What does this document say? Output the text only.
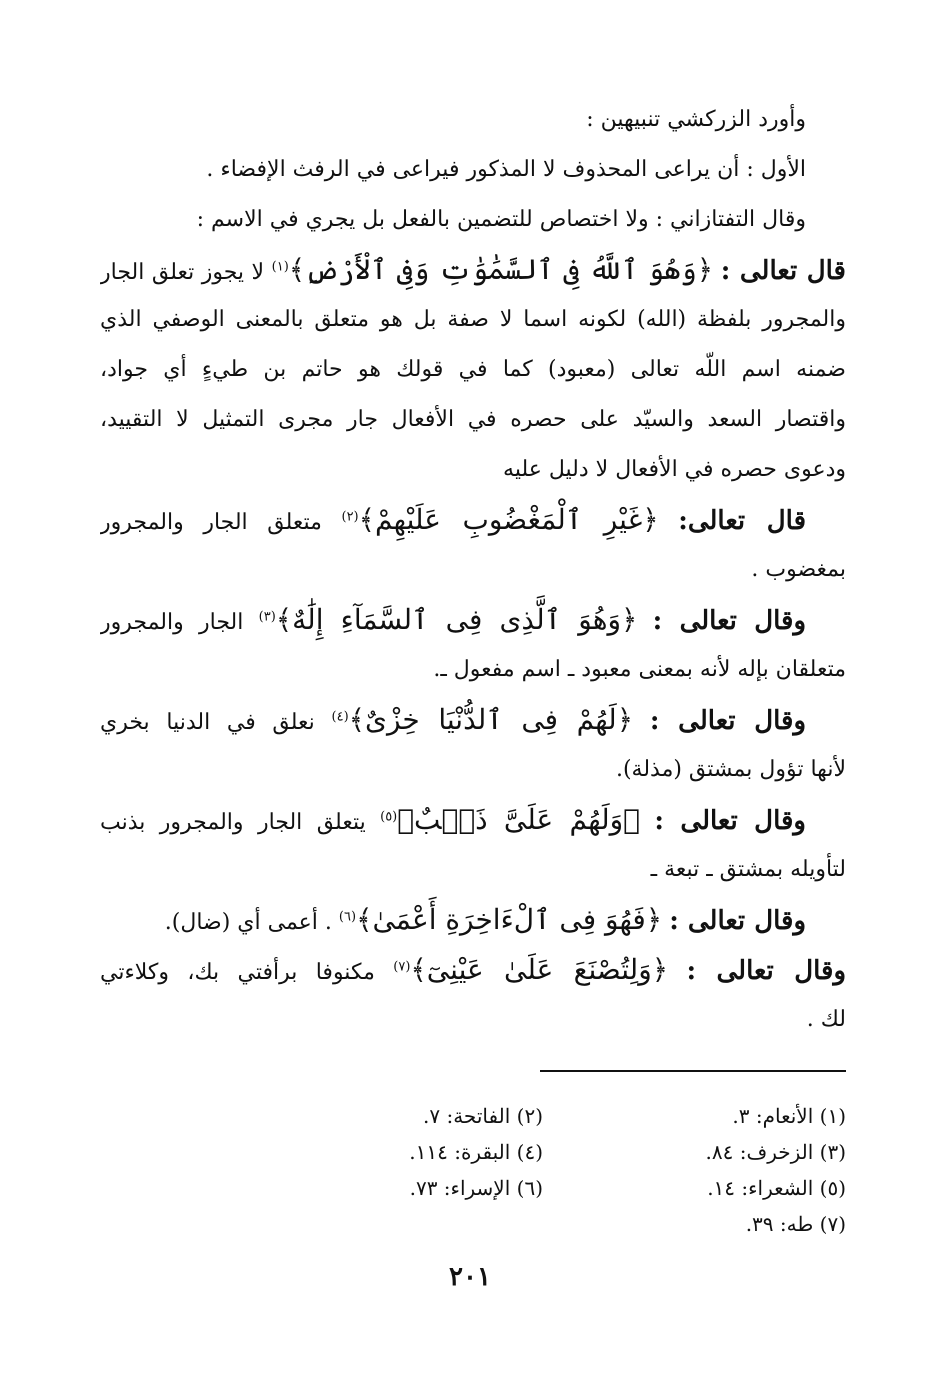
وأورد الزركشي تنبيهين :
الأول : أن يراعى المحذوف لا المذكور فيراعى في الرفث الإفضاء .
وقال التفتازاني : ولا اختصاص للتضمين بالفعل بل يجري في الاسم :
قال تعالى : ﴿وَهُوَ ٱللَّهُ فِى ٱلسَّمَٰوَٰتِ وَفِى ٱلْأَرْضِ﴾$^{(١)}$ لا يجوز تعلق الجار
والمجرور بلفظة (الله) لكونه اسما لا صفة بل هو متعلق بالمعنى الوصفي الذي
ضمنه اسم اللّه تعالى (معبود) كما في قولك هو حاتم بن طيءٍ أي جواد،
واقتصار السعد والسيّد على حصره في الأفعال جار مجرى التمثيل لا التقييد،
ودعوى حصره في الأفعال لا دليل عليه
قال تعالى: ﴿غَيْرِ ٱلْمَغْضُوبِ عَلَيْهِمْ﴾$^{(٢)}$ متعلق الجار والمجرور
بمغضوب .
وقال تعالى : ﴿وَهُوَ ٱلَّذِى فِى ٱلسَّمَآءِ إِلَٰهٌ﴾$^{(٣)}$ الجار والمجرور
متعلقان بإله لأنه بمعنى معبود ـ اسم مفعول ـ.
وقال تعالى : ﴿لَهُمْ فِى ٱلدُّنْيَا خِزْىٌ﴾$^{(٤)}$ نعلق في الدنيا بخري
لأنها تؤول بمشتق (مذلة).
وقال تعالى : ﴿وَلَهُمْ عَلَىَّ ذَنۢبٌ﴾$^{(٥)}$ يتعلق الجار والمجرور بذنب
لتأويله بمشتق ـ تبعة ـ
وقال تعالى : ﴿فَهُوَ فِى ٱلْءَاخِرَةِ أَعْمَىٰ﴾$^{(٦)}$ . أعمى أي (ضال).
وقال تعالى : ﴿وَلِتُصْنَعَ عَلَىٰ عَيْنِىٓ﴾$^{(٧)}$ مكنوفا برأفتي بك، وكلاءتي
لك .
(١) الأنعام: ٣.
(٢) الفاتحة: ٧.
(٣) الزخرف: ٨٤.
(٤) البقرة: ١١٤.
(٥) الشعراء: ١٤.
(٦) الإسراء: ٧٣.
(٧) طه: ٣٩.
٢٠١
